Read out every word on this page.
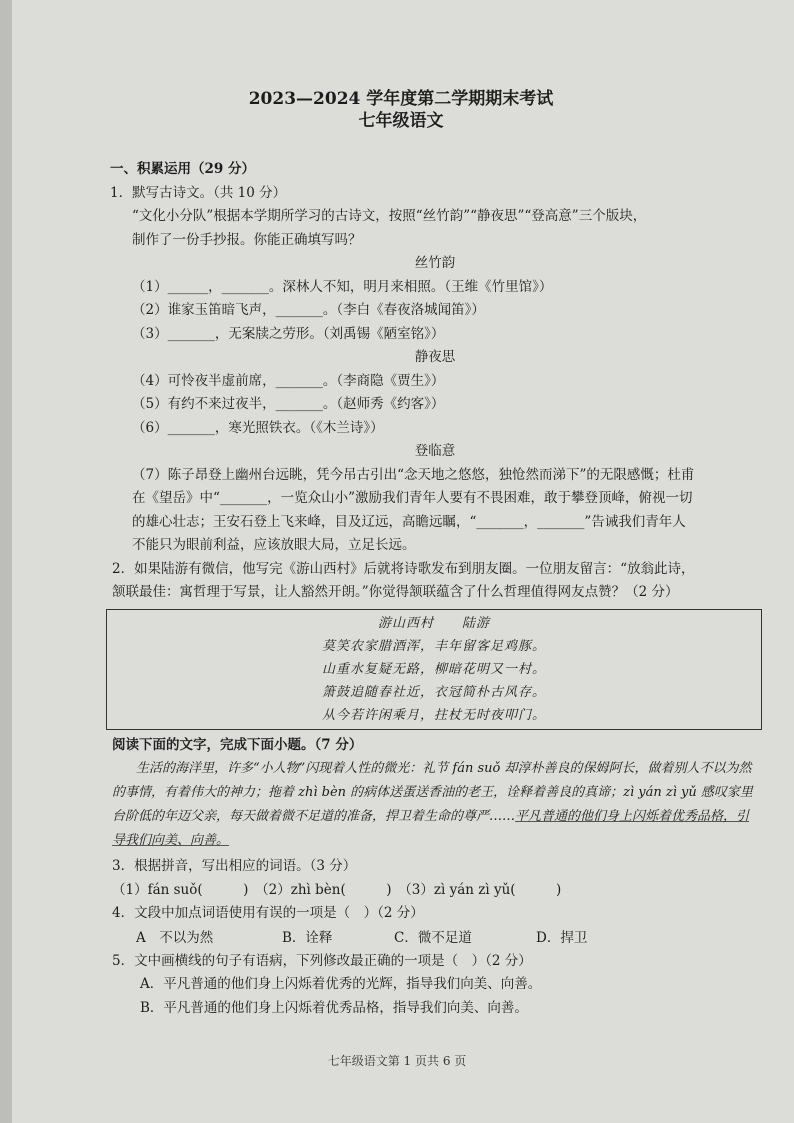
2023—2024 学年度第二学期期末考试
七年级语文
一、积累运用（29 分）
1．默写古诗文。（共 10 分）
“文化小分队”根据本学期所学习的古诗文，按照“丝竹韵”“静夜思”“登高意”三个版块，
制作了一份手抄报。你能正确填写吗？
丝竹韵
（1）______，_______。深林人不知，明月来相照。（王维《竹里馆》）
（2）谁家玉笛暗飞声，_______。（李白《春夜洛城闻笛》）
（3）_______，无案牍之劳形。（刘禹锡《陋室铭》）
静夜思
（4）可怜夜半虚前席，_______。（李商隐《贾生》）
（5）有约不来过夜半，_______。（赵师秀《约客》）
（6）_______，寒光照铁衣。（《木兰诗》）
登临意
（7）陈子昂登上幽州台远眺，凭今吊古引出“念天地之悠悠，独怆然而涕下”的无限感慨；杜甫
在《望岳》中“_______，一览众山小”激励我们青年人要有不畏困难，敢于攀登顶峰，俯视一切
的雄心壮志；王安石登上飞来峰，目及辽远，高瞻远瞩，“_______，_______”告诫我们青年人
不能只为眼前利益，应该放眼大局，立足长远。
2．如果陆游有微信，他写完《游山西村》后就将诗歌发布到朋友圈。一位朋友留言：“放翁此诗，
颔联最佳：寓哲理于写景，让人豁然开朗。”你觉得颔联蕴含了什么哲理值得网友点赞？（2 分）
游山西村　　陆游
莫笑农家腊酒浑，丰年留客足鸡豚。
山重水复疑无路，柳暗花明又一村。
箫鼓追随春社近，衣冠简朴古风存。
从今若许闲乘月，拄杖无时夜叩门。
阅读下面的文字，完成下面小题。（7 分）
生活的海洋里，许多“小人物”闪现着人性的微光：礼节 fán suǒ 却淳朴善良的保姆阿长，做着别人不以为然的事情，有着伟大的神力；拖着 zhì bèn 的病体送蛋送香油的老王，诠释着善良的真谛；zì yán zì yǔ 感叹家里台阶低的年迈父亲，每天做着微不足道的准备，捍卫着生命的尊严……平凡普通的他们身上闪烁着优秀品格，引导我们向美、向善。
3．根据拼音，写出相应的词语。（3 分）
（1）fán suǒ(　　　)　（2）zhì bèn(　　　)　（3）zì yán zì yǔ(　　　)
4．文段中加点词语使用有误的一项是（　）（2 分）
A　不以为然	B．诠释	C．微不足道	D．捍卫
5．文中画横线的句子有语病，下列修改最正确的一项是（　）（2 分）
A．平凡普通的他们身上闪烁着优秀的光辉，指导我们向美、向善。
B．平凡普通的他们身上闪烁着优秀品格，指导我们向美、向善。
七年级语文第 1 页共 6 页
